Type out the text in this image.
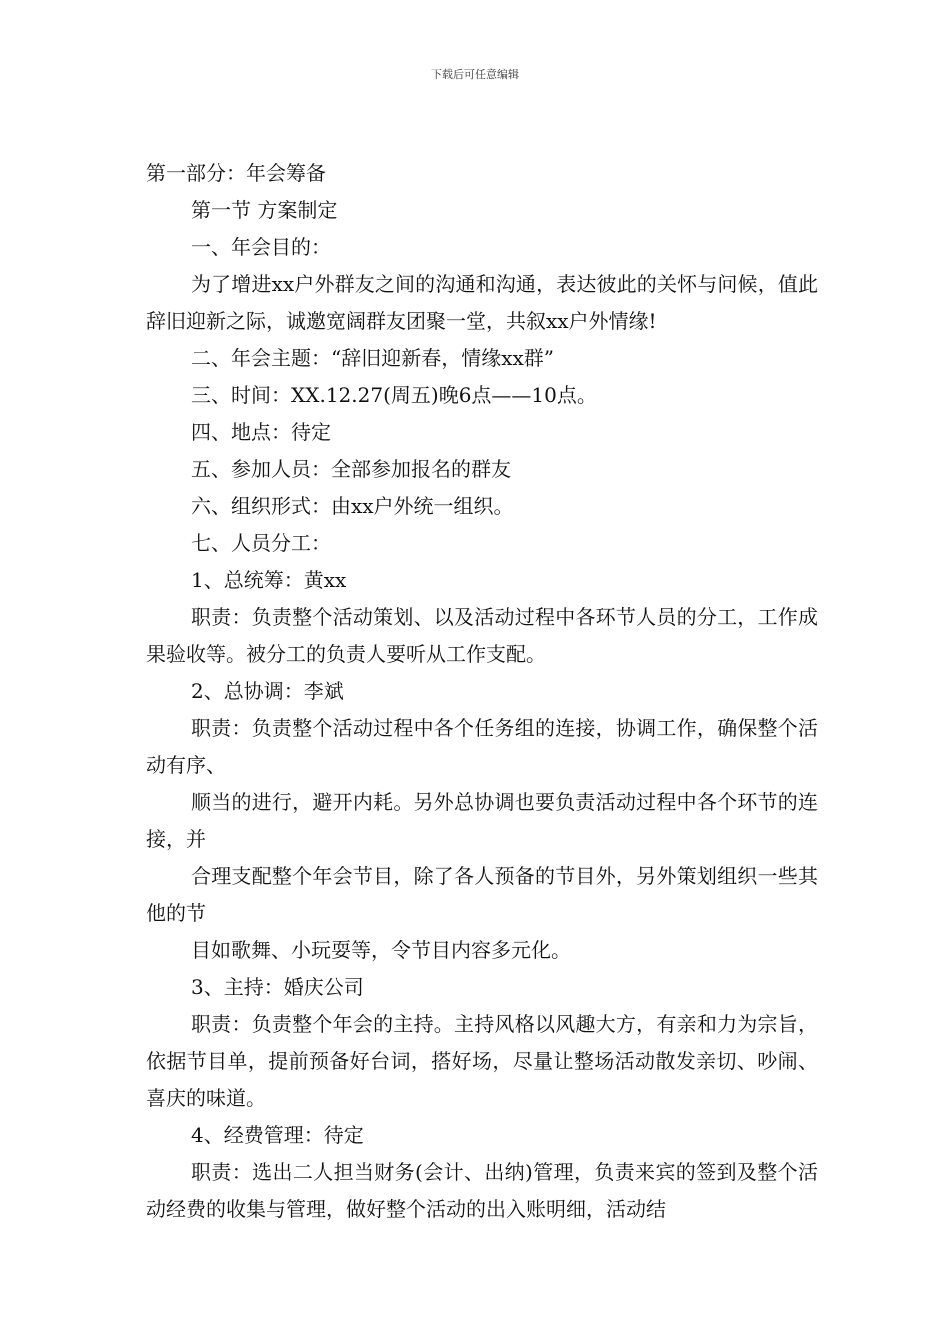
下载后可任意编辑

第一部分：年会筹备

第一节 方案制定

一、年会目的：

为了增进xx户外群友之间的沟通和沟通，表达彼此的关怀与问候，值此辞旧迎新之际，诚邀宽阔群友团聚一堂，共叙xx户外情缘!

二、年会主题：“辞旧迎新春，情缘xx群”

三、时间：XX.12.27(周五)晚6点——10点。

四、地点：待定

五、参加人员：全部参加报名的群友

六、组织形式：由xx户外统一组织。

七、人员分工：

1、总统筹：黄xx

职责：负责整个活动策划、以及活动过程中各环节人员的分工，工作成果验收等。被分工的负责人要听从工作支配。

2、总协调：李斌

职责：负责整个活动过程中各个任务组的连接，协调工作，确保整个活动有序、

顺当的进行，避开内耗。另外总协调也要负责活动过程中各个环节的连接，并

合理支配整个年会节目，除了各人预备的节目外，另外策划组织一些其他的节

目如歌舞、小玩耍等，令节目内容多元化。

3、主持：婚庆公司

职责：负责整个年会的主持。主持风格以风趣大方，有亲和力为宗旨，依据节目单，提前预备好台词，搭好场，尽量让整场活动散发亲切、吵闹、喜庆的味道。

4、经费管理：待定

职责：选出二人担当财务(会计、出纳)管理，负责来宾的签到及整个活动经费的收集与管理，做好整个活动的出入账明细，活动结
